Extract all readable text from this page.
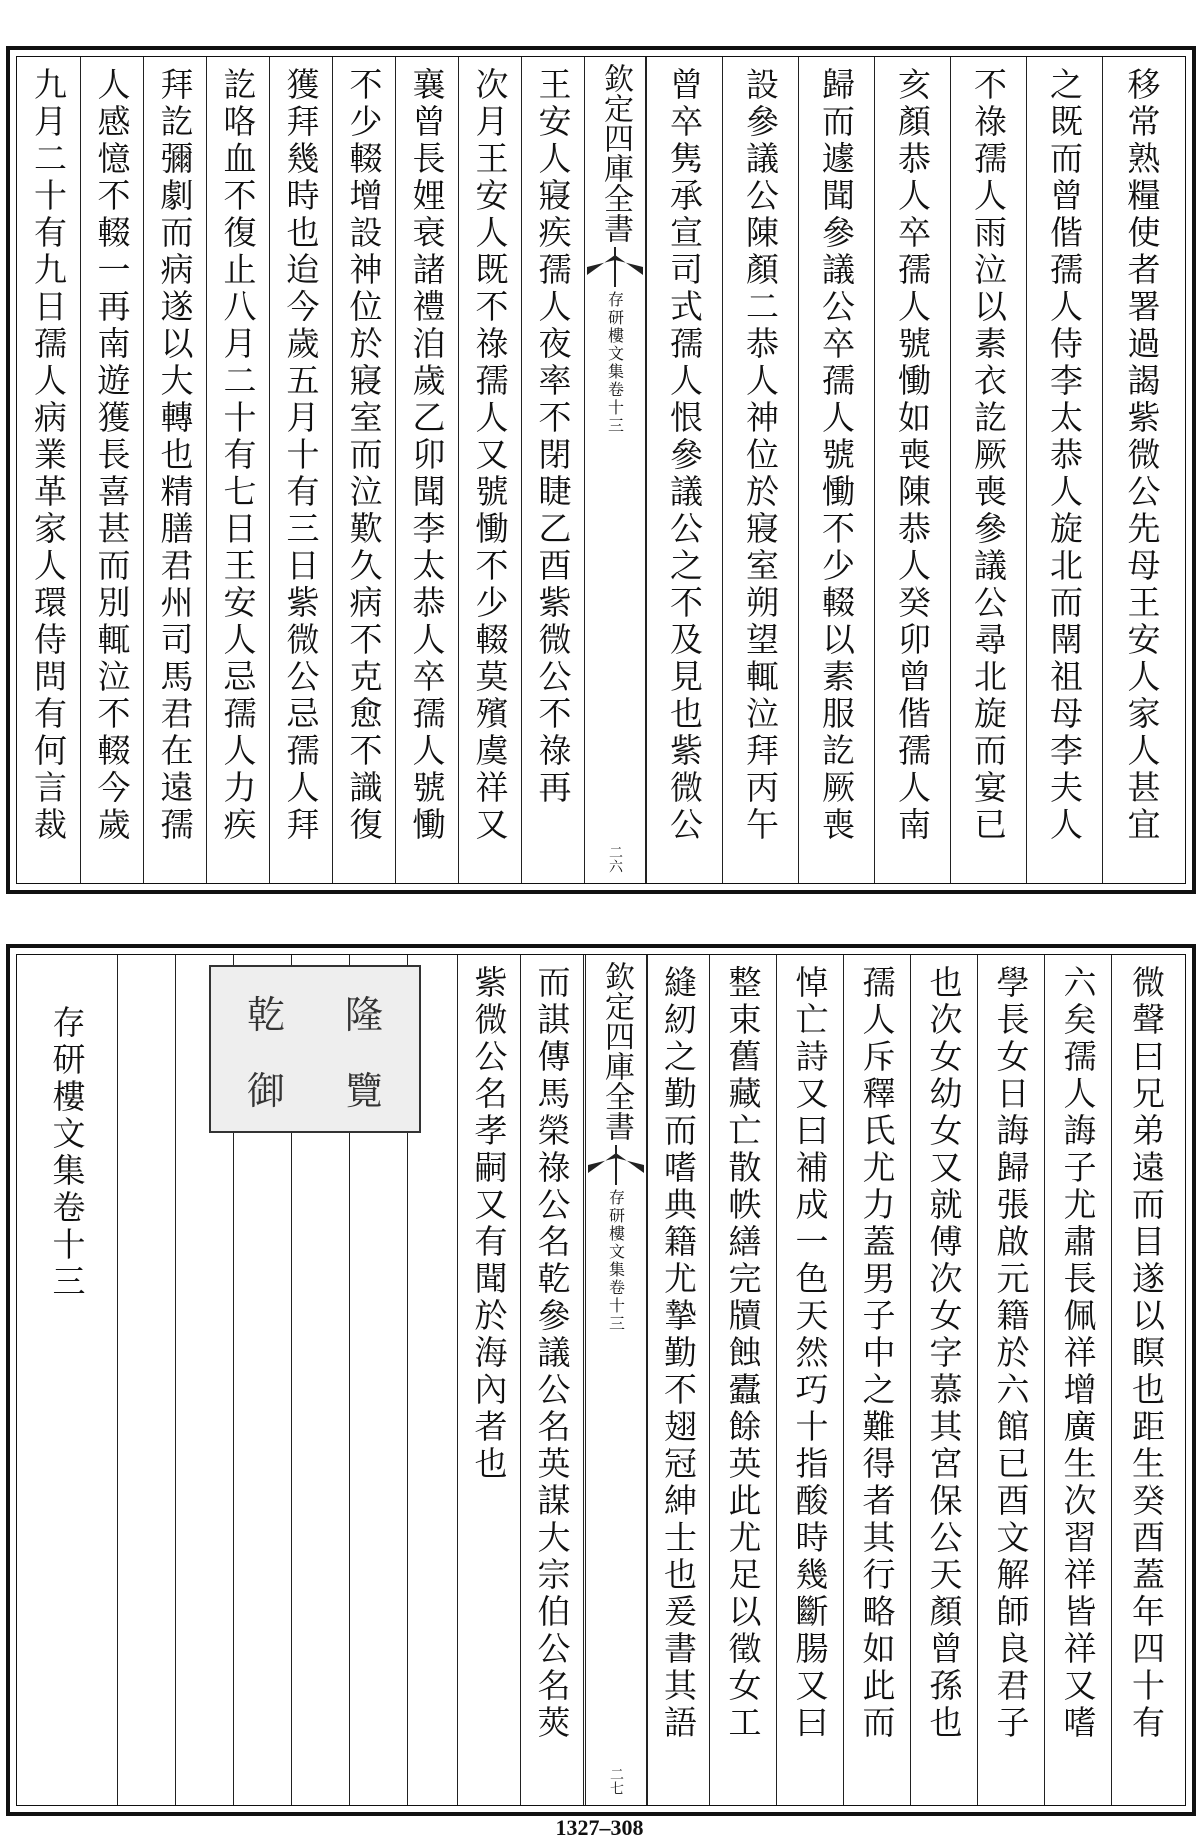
九月二十有九日孺人病業革家人環侍問有何言裁 人感憶不輟一再南遊獲長喜甚而別輒泣不輟今歲 拜訖彌劇而病遂以大轉也精膳君州司馬君在遠孺 訖咯血不復止八月二十有七日王安人忌孺人力疾 獲拜幾時也迨今歲五月十有三日紫微公忌孺人拜 不少輟增設神位於寢室而泣歎久病不克愈不識復 襄曾長娌衰諸禮洎歲乙卯聞李太恭人卒孺人號慟 次月王安人既不祿孺人又號慟不少輟莫殯虞祥又 王安人寢疾孺人夜率不閉睫乙酉紫微公不祿再 欽定四庫全書
存研樓文集
卷十三
二六
曾卒隽承宣司式孺人恨參議公之不及見也紫微公 設參議公陳顏二恭人神位於寢室朔望輒泣拜丙午 歸而遽聞參議公卒孺人號慟不少輟以素服訖厥喪 亥顏恭人卒孺人號慟如喪陳恭人癸卯曾偕孺人南 不祿孺人雨泣以素衣訖厥喪參議公尋北旋而宴已 之既而曾偕孺人侍李太恭人旋北而閛祖母李夫人 移常熟糧使者署過謁紫微公先母王安人家人甚宜
存研樓文集卷十三	乾	隆
御	覽	紫微公名孝嗣又有聞於海內者也 而諆傳馬榮祿公名乾參議公名英謀大宗伯公名莢 欽定四庫全書
存研樓文集
卷十三
二七
縫紉之勤而嗜典籍尤摯勤不翅冠紳士也爰書其語 整束舊藏亡散帙繕完牘蝕蠹餘英此尤足以徵女工 悼亡詩又曰補成一色天然巧十指酸時幾斷腸又曰 孺人斥釋氏尤力蓋男子中之難得者其行略如此而 也次女幼女又就傅次女字慕其宮保公天顏曾孫也 學長女日誨歸張啟元籍於六館已酉文解師良君子 六矣孺人誨子尤肅長佩祥增廣生次習祥皆祥又嗜 微聲曰兄弟遠而目遂以瞑也距生癸酉蓋年四十有
1327–308
